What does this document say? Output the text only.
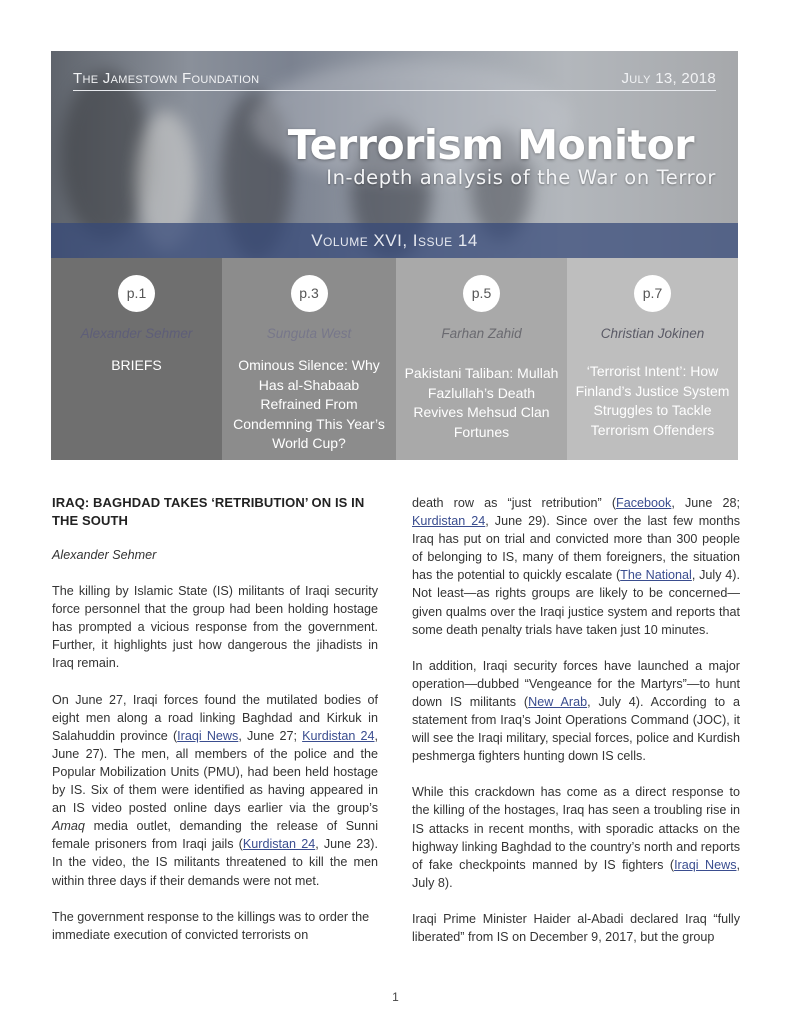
The Jamestown Foundation	July 13, 2018
Terrorism Monitor
In-depth analysis of the War on Terror
Volume XVI, Issue 14
p.1
Alexander Sehmer
BRIEFS
p.3
Sunguta West
Ominous Silence: Why Has al-Shabaab Refrained From Condemning This Year’s World Cup?
p.5
Farhan Zahid
Pakistani Taliban: Mullah Fazlullah’s Death Revives Mehsud Clan Fortunes
p.7
Christian Jokinen
‘Terrorist Intent’: How Finland’s Justice System Struggles to Tackle Terrorism Offenders
IRAQ: BAGHDAD TAKES ‘RETRIBUTION’ ON IS IN THE SOUTH
Alexander Sehmer

The killing by Islamic State (IS) militants of Iraqi security force personnel that the group had been holding hostage has prompted a vicious response from the government. Further, it highlights just how dangerous the jihadists in Iraq remain.

On June 27, Iraqi forces found the mutilated bodies of eight men along a road linking Baghdad and Kirkuk in Salahuddin province (Iraqi News, June 27; Kurdistan 24, June 27). The men, all members of the police and the Popular Mobilization Units (PMU), had been held hostage by IS. Six of them were identified as having appeared in an IS video posted online days earlier via the group’s Amaq media outlet, demanding the release of Sunni female prisoners from Iraqi jails (Kurdistan 24, June 23). In the video, the IS militants threatened to kill the men within three days if their demands were not met.

The government response to the killings was to order the immediate execution of convicted terrorists on

death row as “just retribution” (Facebook, June 28; Kurdistan 24, June 29). Since over the last few months Iraq has put on trial and convicted more than 300 people of belonging to IS, many of them foreigners, the situation has the potential to quickly escalate (The National, July 4). Not least—as rights groups are likely to be concerned—given qualms over the Iraqi justice system and reports that some death penalty trials have taken just 10 minutes.

In addition, Iraqi security forces have launched a major operation—dubbed “Vengeance for the Martyrs”—to hunt down IS militants (New Arab, July 4). According to a statement from Iraq’s Joint Operations Command (JOC), it will see the Iraqi military, special forces, police and Kurdish peshmerga fighters hunting down IS cells.

While this crackdown has come as a direct response to the killing of the hostages, Iraq has seen a troubling rise in IS attacks in recent months, with sporadic attacks on the highway linking Baghdad to the country’s north and reports of fake checkpoints manned by IS fighters (Iraqi News, July 8).

Iraqi Prime Minister Haider al-Abadi declared Iraq “fully liberated” from IS on December 9, 2017, but the group

1
